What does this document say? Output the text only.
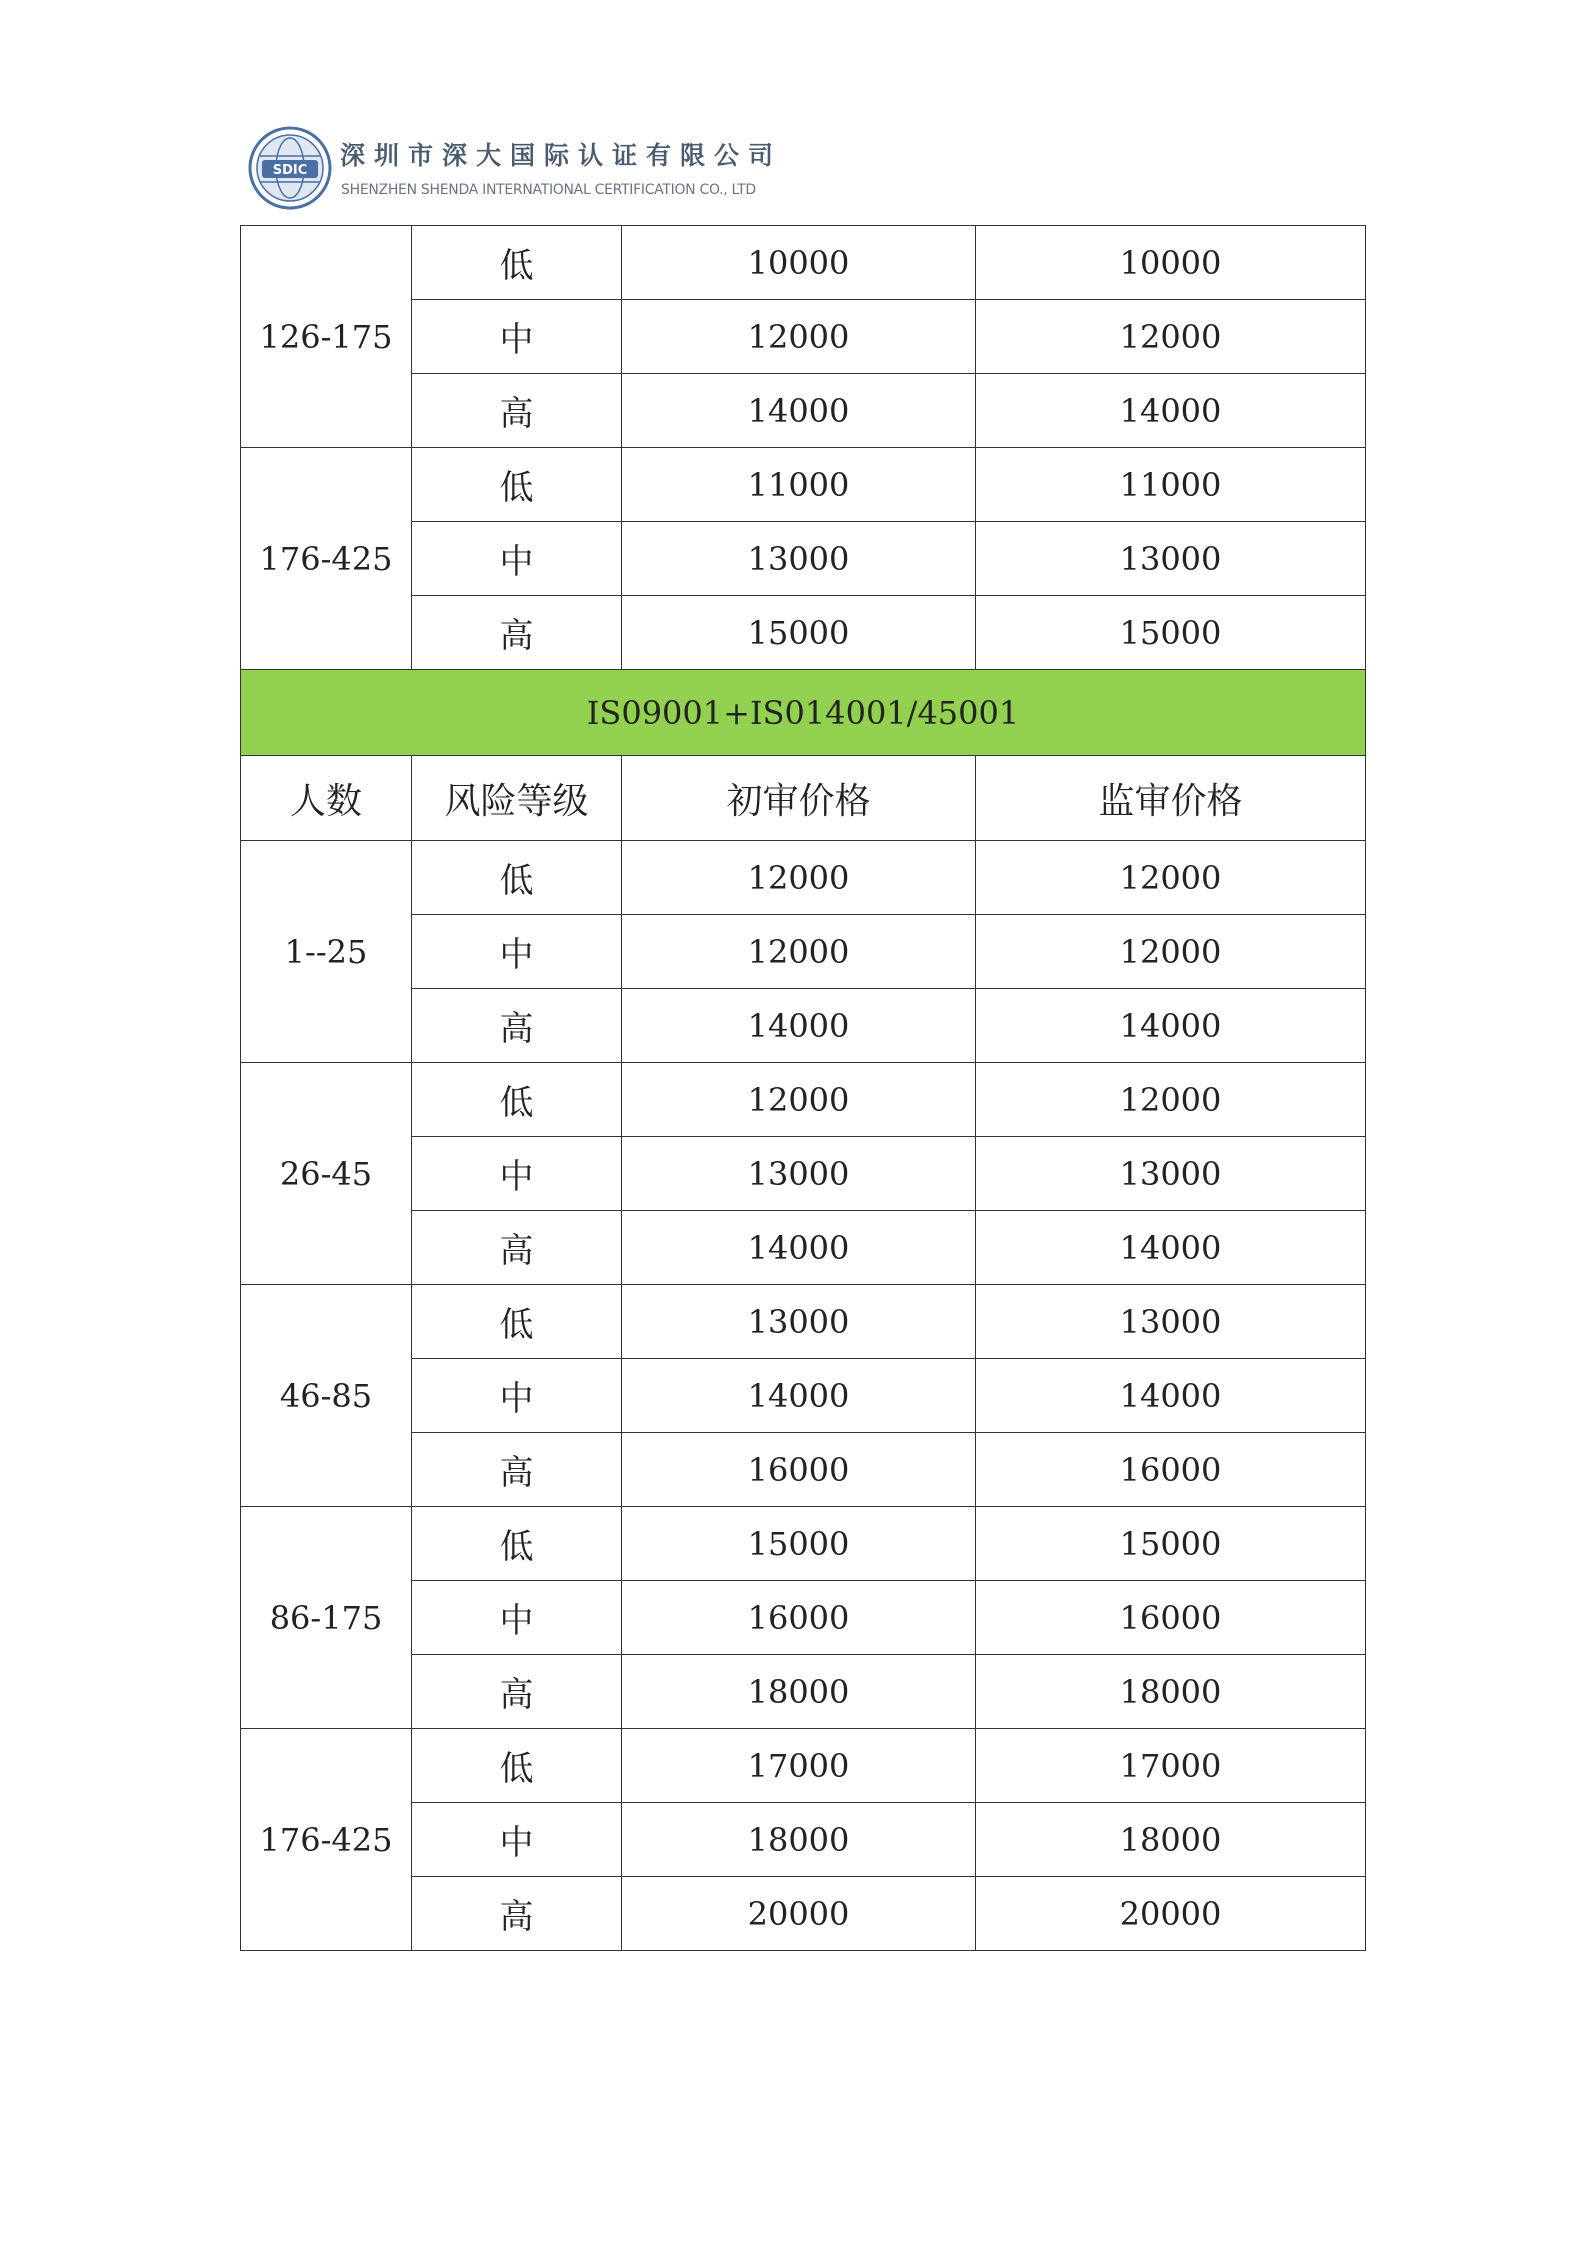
SDIC
深圳市深大国际认证有限公司
SHENZHEN SHENDA INTERNATIONAL CERTIFICATION CO., LTD
126-175	低	10000	10000
	中	12000	12000
	高	14000	14000
176-425	低	11000	11000
	中	13000	13000
	高	15000	15000
IS09001+IS014001/45001			
人数	风险等级	初审价格	监审价格
1--25	低	12000	12000
	中	12000	12000
	高	14000	14000
26-45	低	12000	12000
	中	13000	13000
	高	14000	14000
46-85	低	13000	13000
	中	14000	14000
	高	16000	16000
86-175	低	15000	15000
	中	16000	16000
	高	18000	18000
176-425	低	17000	17000
	中	18000	18000
	高	20000	20000
